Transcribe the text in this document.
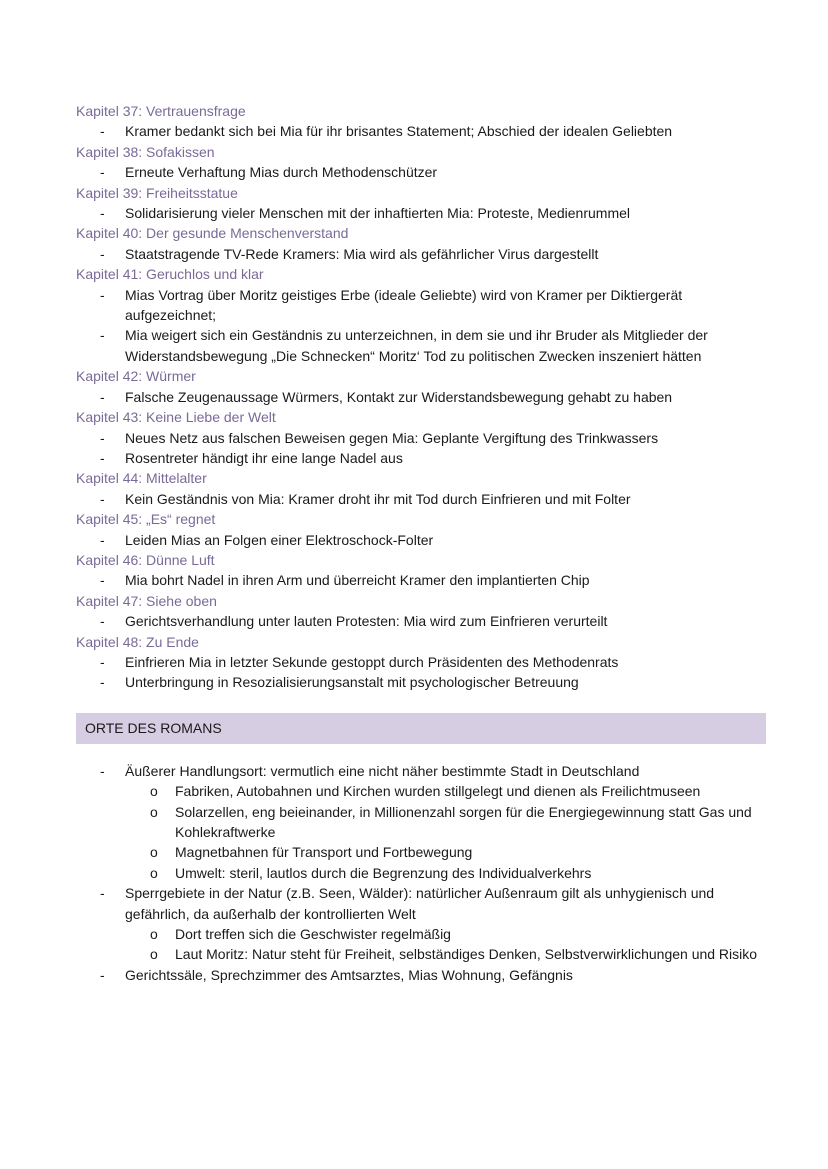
Kapitel 37: Vertrauensfrage
- Kramer bedankt sich bei Mia für ihr brisantes Statement; Abschied der idealen Geliebten
Kapitel 38: Sofakissen
- Erneute Verhaftung Mias durch Methodenschützer
Kapitel 39: Freiheitsstatue
- Solidarisierung vieler Menschen mit der inhaftierten Mia: Proteste, Medienrummel
Kapitel 40: Der gesunde Menschenverstand
- Staatstragende TV-Rede Kramers: Mia wird als gefährlicher Virus dargestellt
Kapitel 41: Geruchlos und klar
- Mias Vortrag über Moritz geistiges Erbe (ideale Geliebte) wird von Kramer per Diktiergerät aufgezeichnet;
- Mia weigert sich ein Geständnis zu unterzeichnen, in dem sie und ihr Bruder als Mitglieder der Widerstandsbewegung „Die Schnecken“ Moritz‘ Tod zu politischen Zwecken inszeniert hätten
Kapitel 42: Würmer
- Falsche Zeugenaussage Würmers, Kontakt zur Widerstandsbewegung gehabt zu haben
Kapitel 43: Keine Liebe der Welt
- Neues Netz aus falschen Beweisen gegen Mia: Geplante Vergiftung des Trinkwassers
- Rosentreter händigt ihr eine lange Nadel aus
Kapitel 44: Mittelalter
- Kein Geständnis von Mia: Kramer droht ihr mit Tod durch Einfrieren und mit Folter
Kapitel 45: „Es“ regnet
- Leiden Mias an Folgen einer Elektroschock-Folter
Kapitel 46: Dünne Luft
- Mia bohrt Nadel in ihren Arm und überreicht Kramer den implantierten Chip
Kapitel 47: Siehe oben
- Gerichtsverhandlung unter lauten Protesten: Mia wird zum Einfrieren verurteilt
Kapitel 48: Zu Ende
- Einfrieren Mia in letzter Sekunde gestoppt durch Präsidenten des Methodenrats
- Unterbringung in Resozialisierungsanstalt mit psychologischer Betreuung
ORTE DES ROMANS
- Äußerer Handlungsort: vermutlich eine nicht näher bestimmte Stadt in Deutschland
o Fabriken, Autobahnen und Kirchen wurden stillgelegt und dienen als Freilichtmuseen
o Solarzellen, eng beieinander, in Millionenzahl sorgen für die Energiegewinnung statt Gas und Kohlekraftwerke
o Magnetbahnen für Transport und Fortbewegung
o Umwelt: steril, lautlos durch die Begrenzung des Individualverkehrs
- Sperrgebiete in der Natur (z.B. Seen, Wälder): natürlicher Außenraum gilt als unhygienisch und gefährlich, da außerhalb der kontrollierten Welt
o Dort treffen sich die Geschwister regelmäßig
o Laut Moritz: Natur steht für Freiheit, selbständiges Denken, Selbstverwirklichungen und Risiko
- Gerichtssäle, Sprechzimmer des Amtsarztes, Mias Wohnung, Gefängnis
